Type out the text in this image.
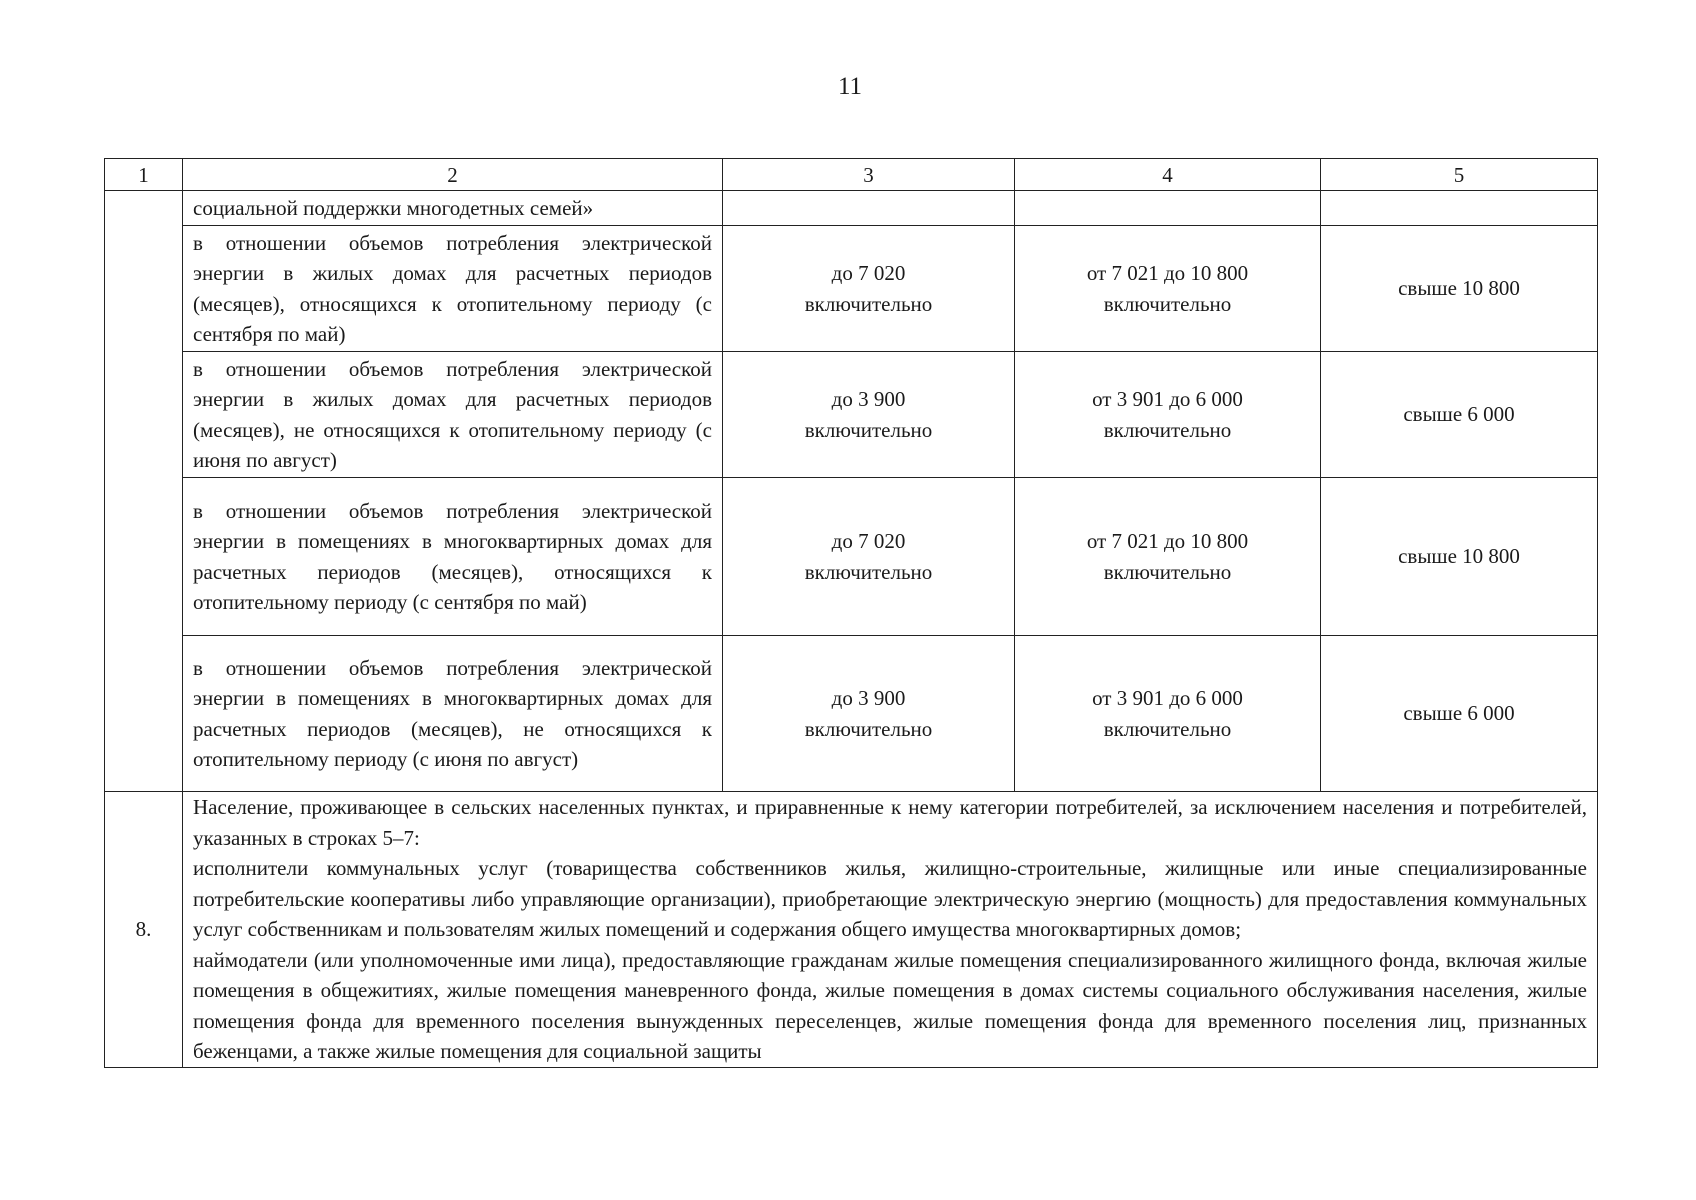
11
1	2	3	4	5
	социальной поддержки многодетных семей»			
	в отношении объемов потребления электрической энергии в жилых домах для расчетных периодов (месяцев), относящихся к отопительному периоду (с сентября по май)	до 7 020
включительно	от 7 021 до 10 800
включительно	свыше 10 800
	в отношении объемов потребления электрической энергии в жилых домах для расчетных периодов (месяцев), не относящихся к отопительному периоду (с июня по август)	до 3 900
включительно	от 3 901 до 6 000
включительно	свыше 6 000
	в отношении объемов потребления электрической энергии в помещениях в многоквартирных домах для расчетных периодов (месяцев), относящихся к отопительному периоду (с сентября по май)	до 7 020
включительно	от 7 021 до 10 800
включительно	свыше 10 800
	в отношении объемов потребления электрической энергии в помещениях в многоквартирных домах для расчетных периодов (месяцев), не относящихся к отопительному периоду (с июня по август)	до 3 900
включительно	от 3 901 до 6 000
включительно	свыше 6 000
8.	Население, проживающее в сельских населенных пунктах, и приравненные к нему категории потребителей, за исключением населения и потребителей, указанных в строках 5–7:

исполнители коммунальных услуг (товарищества собственников жилья, жилищно-строительные, жилищные или иные специализированные потребительские кооперативы либо управляющие организации), приобретающие электрическую энергию (мощность) для предоставления коммунальных услуг собственникам и пользователям жилых помещений и содержания общего имущества многоквартирных домов;

наймодатели (или уполномоченные ими лица), предоставляющие гражданам жилые помещения специализированного жилищного фонда, включая жилые помещения в общежитиях, жилые помещения маневренного фонда, жилые помещения в домах системы социального обслуживания населения, жилые помещения фонда для временного поселения вынужденных переселенцев, жилые помещения фонда для временного поселения лиц, признанных беженцами, а также жилые помещения для социальной защиты			
